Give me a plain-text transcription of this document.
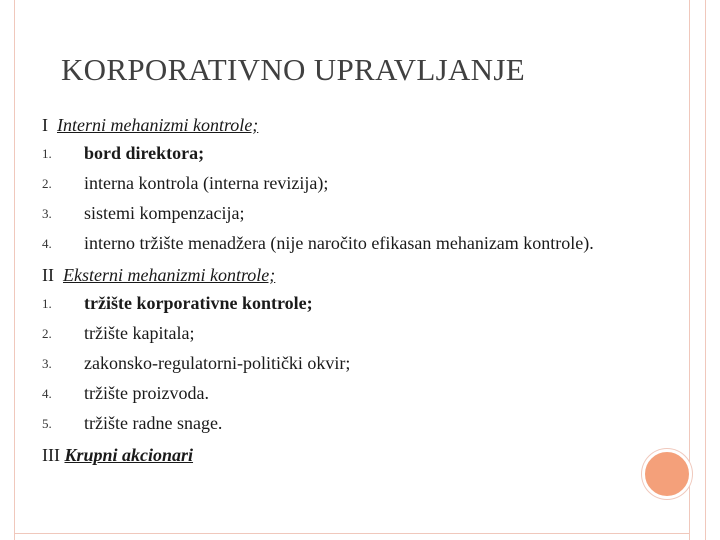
KORPORATIVNO UPRAVLJANJE
I Interni mehanizmi kontrole;
1. bord direktora;
2. interna kontrola (interna revizija);
3. sistemi kompenzacija;
4. interno tržište menadžera (nije naročito efikasan mehanizam kontrole).
II Eksterni mehanizmi kontrole;
1. tržište korporativne kontrole;
2. tržište kapitala;
3. zakonsko-regulatorni-politički okvir;
4. tržište proizvoda.
5. tržište radne snage.
III Krupni akcionari
